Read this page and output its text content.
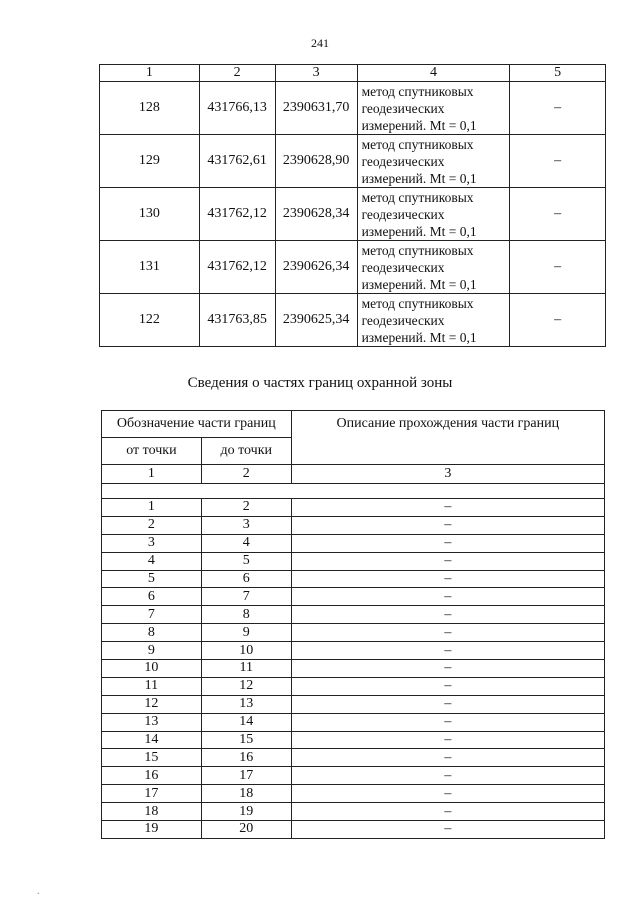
241
1	2	3	4	5
128	431766,13	2390631,70	метод спутниковых
геодезических
измерений. Mt = 0,1	–
129	431762,61	2390628,90	метод спутниковых
геодезических
измерений. Mt = 0,1	–
130	431762,12	2390628,34	метод спутниковых
геодезических
измерений. Mt = 0,1	–
131	431762,12	2390626,34	метод спутниковых
геодезических
измерений. Mt = 0,1	–
122	431763,85	2390625,34	метод спутниковых
геодезических
измерений. Mt = 0,1	–
Сведения о частях границ охранной зоны
Обозначение части границ		Описание прохождения части границ
от точки	до точки	
1	2	3

1	2	–
2	3	–
3	4	–
4	5	–
5	6	–
6	7	–
7	8	–
8	9	–
9	10	–
10	11	–
11	12	–
12	13	–
13	14	–
14	15	–
15	16	–
16	17	–
17	18	–
18	19	–
19	20	–
.
